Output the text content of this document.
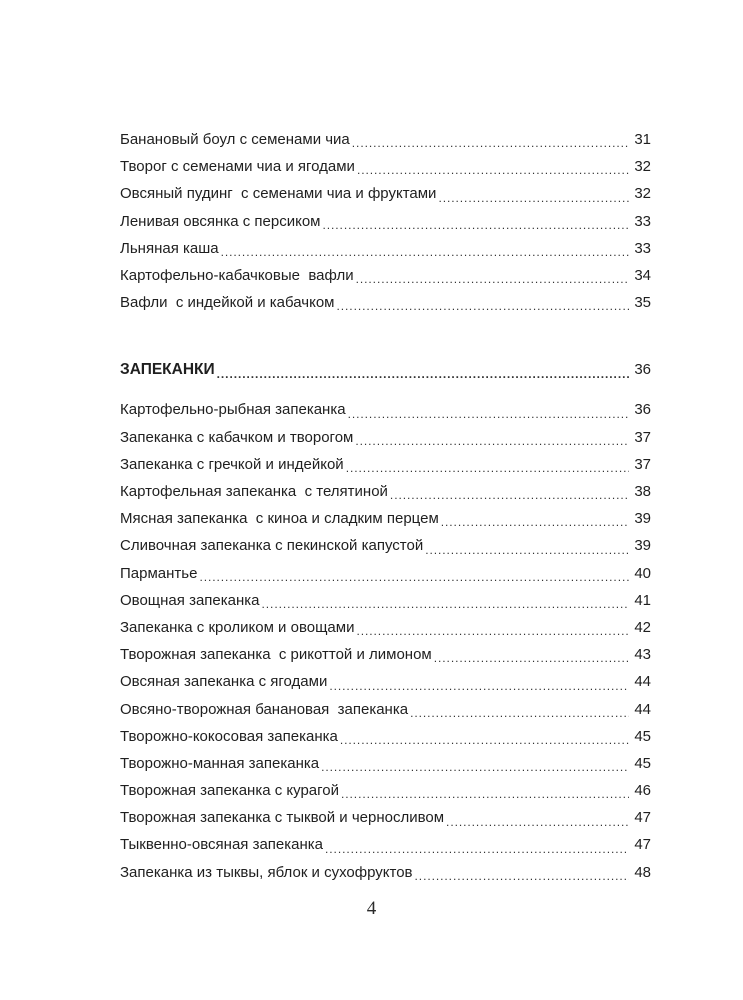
Банановый боул с семенами чиа . . .	31
Творог с семенами чиа и ягодами . . .	32
Овсяный пудинг  с семенами чиа и фруктами . . .	32
Ленивая овсянка с персиком . . .	33
Льняная каша . . .	33
Картофельно-кабачковые  вафли . . .	34
Вафли  с индейкой и кабачком . . .	35
ЗАПЕКАНКИ . . .	36
Картофельно-рыбная запеканка . . .	36
Запеканка с кабачком и творогом . . .	37
Запеканка с гречкой и индейкой . . .	37
Картофельная запеканка  с телятиной . . .	38
Мясная запеканка  с киноа и сладким перцем . . .	39
Сливочная запеканка с пекинской капустой . . .	39
Пармантье . . .	40
Овощная запеканка . . .	41
Запеканка с кроликом и овощами . . .	42
Творожная запеканка  с рикоттой и лимоном . . .	43
Овсяная запеканка с ягодами . . .	44
Овсяно-творожная банановая  запеканка . . .	44
Творожно-кокосовая запеканка . . .	45
Творожно-манная запеканка . . .	45
Творожная запеканка с курагой . . .	46
Творожная запеканка с тыквой и черносливом . . .	47
Тыквенно-овсяная запеканка . . .	47
Запеканка из тыквы, яблок и сухофруктов . . .	48
4
